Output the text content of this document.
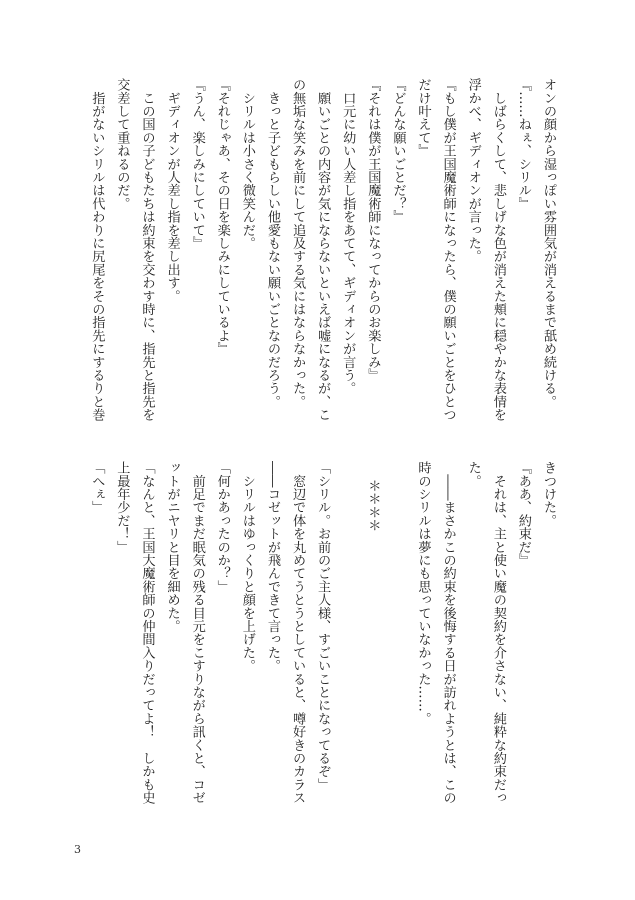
オンの顔から湿っぽい雰囲気が消えるまで舐め続ける。
『……ねぇ、シリル』
　しばらくして、悲しげな色が消えた頬に穏やかな表情を
浮かべ、ギディオンが言った。
『もし僕が王国魔術師になったら、僕の願いごとをひとつ
だけ叶えて』
『どんな願いごとだ？』
『それは僕が王国魔術師になってからのお楽しみ』
　口元に幼い人差し指をあてて、ギディオンが言う。
　願いごとの内容が気にならないといえば嘘になるが、こ
の無垢な笑みを前にして追及する気にはならなかった。
　きっと子どもらしい他愛もない願いごとなのだろう。
　シリルは小さく微笑んだ。
『それじゃあ、その日を楽しみにしているよ』
『うん、楽しみにしていて』
　ギディオンが人差し指を差し出す。
　この国の子どもたちは約束を交わす時に、指先と指先を
交差して重ねるのだ。
　指がないシリルは代わりに尻尾をその指先にするりと巻
きつけた。
『ああ、約束だ』
　それは、主と使い魔の契約を介さない、純粋な約束だっ
た。
　――まさかこの約束を後悔する日が訪れようとは、この
時のシリルは夢にも思っていなかった……。
＊＊＊＊
「シリル。お前のご主人様、すごいことになってるぞ」
　窓辺で体を丸めてうとうとしていると、噂好きのカラス
――コゼットが飛んできて言った。
　シリルはゆっくりと顔を上げた。
「何かあったのか？」
　前足でまだ眠気の残る目元をこすりながら訊くと、コゼ
ットがニヤリと目を細めた。
「なんと、王国大魔術師の仲間入りだってよ！　しかも史
上最年少だ！」
「へぇ」
3
